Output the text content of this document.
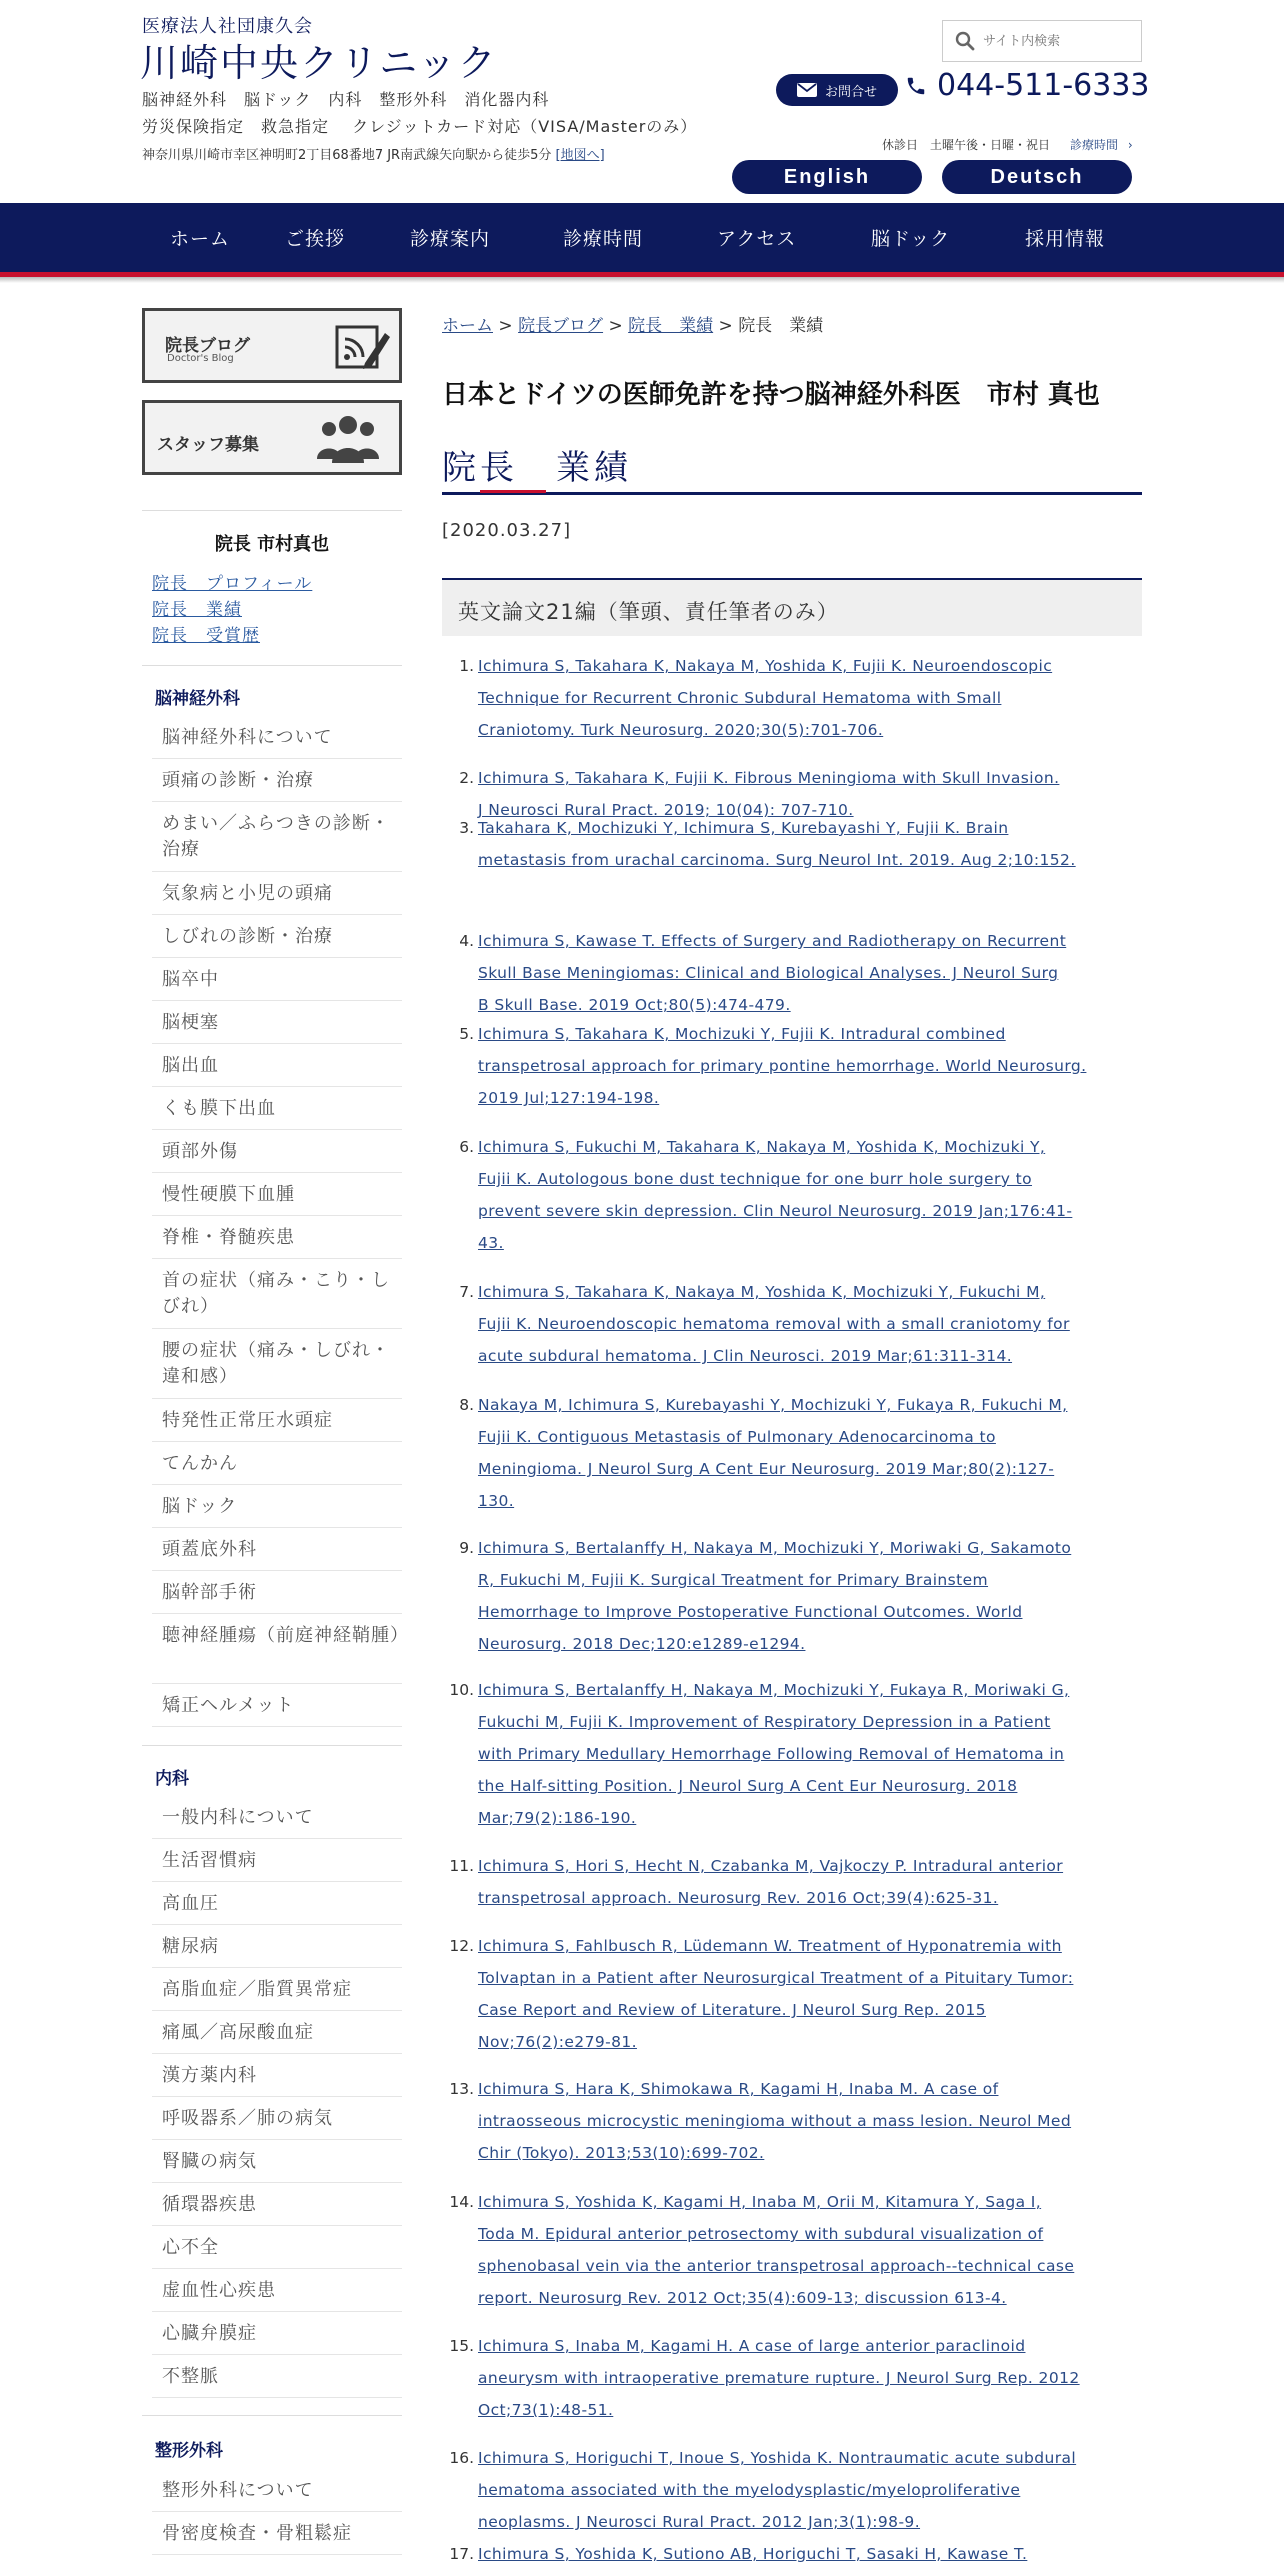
医療法人社団康久会
川崎中央クリニック
脳神経外科　脳ドック　内科　整形外科　消化器内科
労災保険指定　救急指定　 クレジットカード対応（VISA/Masterのみ）
神奈川県川崎市幸区神明町2丁目68番地7 JR南武線矢向駅から徒歩5分 [地図へ]
サイト内検索
お問合せ 044-511-6333
休診日　土曜午後・日曜・祝日 診療時間 ›
English	Deutsch
ホーム	ご挨拶	診療案内	診療時間	アクセス	脳ドック	採用情報
院長ブログ
Doctor's Blog
スタッフ募集
院長 市村真也
院長　プロフィール
院長　業績
院長　受賞歴
脳神経外科
脳神経外科について
頭痛の診断・治療
めまい／ふらつきの診断・治療
気象病と小児の頭痛
しびれの診断・治療
脳卒中
脳梗塞
脳出血
くも膜下出血
頭部外傷
慢性硬膜下血腫
脊椎・脊髄疾患
首の症状（痛み・こり・しびれ）
腰の症状（痛み・しびれ・違和感）
特発性正常圧水頭症
てんかん
脳ドック
頭蓋底外科
脳幹部手術
聴神経腫瘍（前庭神経鞘腫）
矯正ヘルメット
内科
一般内科について
生活習慣病
高血圧
糖尿病
高脂血症／脂質異常症
痛風／高尿酸血症
漢方薬内科
呼吸器系／肺の病気
腎臓の病気
循環器疾患
心不全
虚血性心疾患
心臓弁膜症
不整脈
整形外科
整形外科について
骨密度検査・骨粗鬆症
ホーム > 院長ブログ > 院長　業績 > 院長　業績
日本とドイツの医師免許を持つ脳神経外科医　市村 真也
院長　業績
[2020.03.27]
英文論文21編（筆頭、責任筆者のみ）
1. Ichimura S, Takahara K, Nakaya M, Yoshida K, Fujii K. Neuroendoscopic
Technique for Recurrent Chronic Subdural Hematoma with Small
Craniotomy. Turk Neurosurg. 2020;30(5):701-706.
2. Ichimura S, Takahara K, Fujii K. Fibrous Meningioma with Skull Invasion.
J Neurosci Rural Pract. 2019; 10(04): 707-710.
3. Takahara K, Mochizuki Y, Ichimura S, Kurebayashi Y, Fujii K. Brain
metastasis from urachal carcinoma. Surg Neurol Int. 2019. Aug 2;10:152.
4. Ichimura S, Kawase T. Effects of Surgery and Radiotherapy on Recurrent
Skull Base Meningiomas: Clinical and Biological Analyses. J Neurol Surg
B Skull Base. 2019 Oct;80(5):474-479.
5. Ichimura S, Takahara K, Mochizuki Y, Fujii K. Intradural combined
transpetrosal approach for primary pontine hemorrhage. World Neurosurg.
2019 Jul;127:194-198.
6. Ichimura S, Fukuchi M, Takahara K, Nakaya M, Yoshida K, Mochizuki Y,
Fujii K. Autologous bone dust technique for one burr hole surgery to
prevent severe skin depression. Clin Neurol Neurosurg. 2019 Jan;176:41-
43.
7. Ichimura S, Takahara K, Nakaya M, Yoshida K, Mochizuki Y, Fukuchi M,
Fujii K. Neuroendoscopic hematoma removal with a small craniotomy for
acute subdural hematoma. J Clin Neurosci. 2019 Mar;61:311-314.
8. Nakaya M, Ichimura S, Kurebayashi Y, Mochizuki Y, Fukaya R, Fukuchi M,
Fujii K. Contiguous Metastasis of Pulmonary Adenocarcinoma to
Meningioma. J Neurol Surg A Cent Eur Neurosurg. 2019 Mar;80(2):127-
130.
9. Ichimura S, Bertalanffy H, Nakaya M, Mochizuki Y, Moriwaki G, Sakamoto
R, Fukuchi M, Fujii K. Surgical Treatment for Primary Brainstem
Hemorrhage to Improve Postoperative Functional Outcomes. World
Neurosurg. 2018 Dec;120:e1289-e1294.
10. Ichimura S, Bertalanffy H, Nakaya M, Mochizuki Y, Fukaya R, Moriwaki G,
Fukuchi M, Fujii K. Improvement of Respiratory Depression in a Patient
with Primary Medullary Hemorrhage Following Removal of Hematoma in
the Half-sitting Position. J Neurol Surg A Cent Eur Neurosurg. 2018
Mar;79(2):186-190.
11. Ichimura S, Hori S, Hecht N, Czabanka M, Vajkoczy P. Intradural anterior
transpetrosal approach. Neurosurg Rev. 2016 Oct;39(4):625-31.
12. Ichimura S, Fahlbusch R, Lüdemann W. Treatment of Hyponatremia with
Tolvaptan in a Patient after Neurosurgical Treatment of a Pituitary Tumor:
Case Report and Review of Literature. J Neurol Surg Rep. 2015
Nov;76(2):e279-81.
13. Ichimura S, Hara K, Shimokawa R, Kagami H, Inaba M. A case of
intraosseous microcystic meningioma without a mass lesion. Neurol Med
Chir (Tokyo). 2013;53(10):699-702.
14. Ichimura S, Yoshida K, Kagami H, Inaba M, Orii M, Kitamura Y, Saga I,
Toda M. Epidural anterior petrosectomy with subdural visualization of
sphenobasal vein via the anterior transpetrosal approach--technical case
report. Neurosurg Rev. 2012 Oct;35(4):609-13; discussion 613-4.
15. Ichimura S, Inaba M, Kagami H. A case of large anterior paraclinoid
aneurysm with intraoperative premature rupture. J Neurol Surg Rep. 2012
Oct;73(1):48-51.
16. Ichimura S, Horiguchi T, Inoue S, Yoshida K. Nontraumatic acute subdural
hematoma associated with the myelodysplastic/myeloproliferative
neoplasms. J Neurosci Rural Pract. 2012 Jan;3(1):98-9.
17. Ichimura S, Yoshida K, Sutiono AB, Horiguchi T, Sasaki H, Kawase T.
